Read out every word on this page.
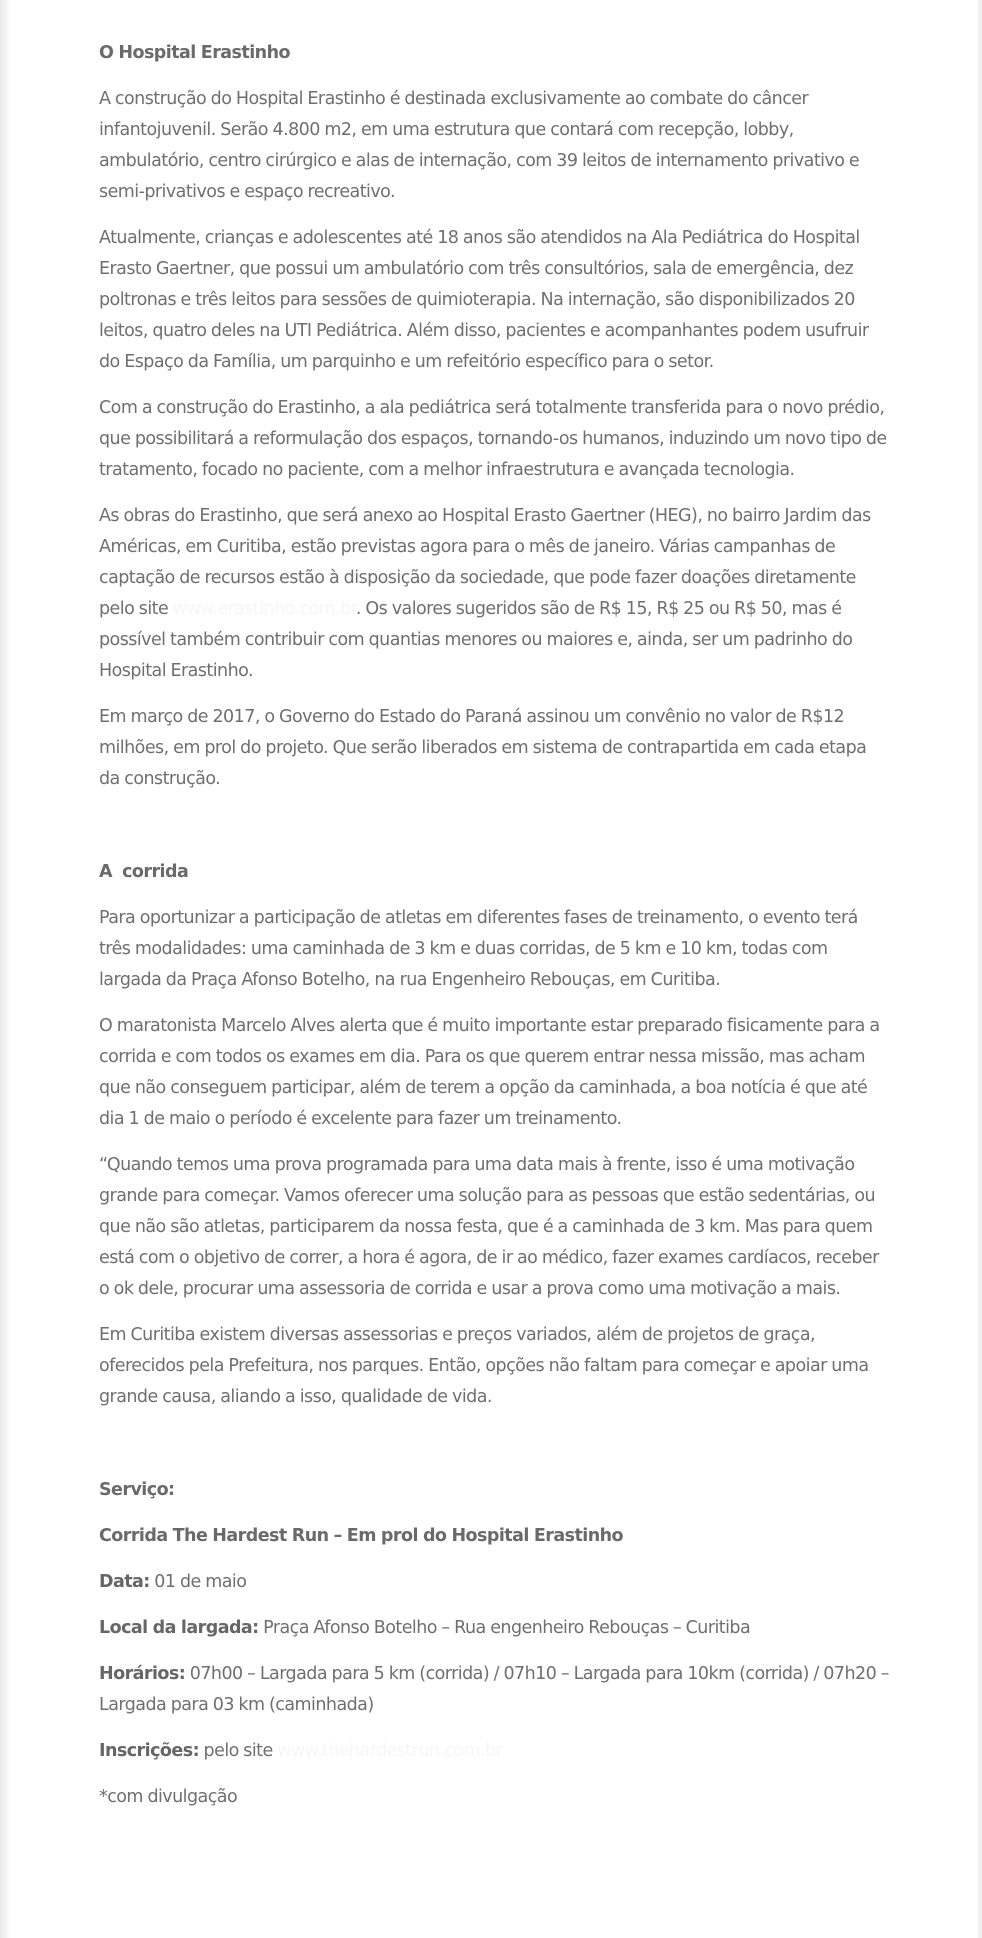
O Hospital Erastinho

A construção do Hospital Erastinho é destinada exclusivamente ao combate do câncer infantojuvenil. Serão 4.800 m2, em uma estrutura que contará com recepção, lobby, ambulatório, centro cirúrgico e alas de internação, com 39 leitos de internamento privativo e semi-privativos e espaço recreativo.

Atualmente, crianças e adolescentes até 18 anos são atendidos na Ala Pediátrica do Hospital Erasto Gaertner, que possui um ambulatório com três consultórios, sala de emergência, dez poltronas e três leitos para sessões de quimioterapia. Na internação, são disponibilizados 20 leitos, quatro deles na UTI Pediátrica. Além disso, pacientes e acompanhantes podem usufruir do Espaço da Família, um parquinho e um refeitório específico para o setor.

Com a construção do Erastinho, a ala pediátrica será totalmente transferida para o novo prédio, que possibilitará a reformulação dos espaços, tornando-os humanos, induzindo um novo tipo de tratamento, focado no paciente, com a melhor infraestrutura e avançada tecnologia.

As obras do Erastinho, que será anexo ao Hospital Erasto Gaertner (HEG), no bairro Jardim das Américas, em Curitiba, estão previstas agora para o mês de janeiro. Várias campanhas de captação de recursos estão à disposição da sociedade, que pode fazer doações diretamente pelo site www.erastinho.com.br. Os valores sugeridos são de R$ 15, R$ 25 ou R$ 50, mas é possível também contribuir com quantias menores ou maiores e, ainda, ser um padrinho do Hospital Erastinho.

Em março de 2017, o Governo do Estado do Paraná assinou um convênio no valor de R$12 milhões, em prol do projeto. Que serão liberados em sistema de contrapartida em cada etapa da construção.

A  corrida

Para oportunizar a participação de atletas em diferentes fases de treinamento, o evento terá três modalidades: uma caminhada de 3 km e duas corridas, de 5 km e 10 km, todas com largada da Praça Afonso Botelho, na rua Engenheiro Rebouças, em Curitiba.

O maratonista Marcelo Alves alerta que é muito importante estar preparado fisicamente para a corrida e com todos os exames em dia. Para os que querem entrar nessa missão, mas acham que não conseguem participar, além de terem a opção da caminhada, a boa notícia é que até dia 1 de maio o período é excelente para fazer um treinamento.

“Quando temos uma prova programada para uma data mais à frente, isso é uma motivação grande para começar. Vamos oferecer uma solução para as pessoas que estão sedentárias, ou que não são atletas, participarem da nossa festa, que é a caminhada de 3 km. Mas para quem está com o objetivo de correr, a hora é agora, de ir ao médico, fazer exames cardíacos, receber o ok dele, procurar uma assessoria de corrida e usar a prova como uma motivação a mais.

Em Curitiba existem diversas assessorias e preços variados, além de projetos de graça, oferecidos pela Prefeitura, nos parques. Então, opções não faltam para começar e apoiar uma grande causa, aliando a isso, qualidade de vida.

Serviço:

Corrida The Hardest Run – Em prol do Hospital Erastinho

Data: 01 de maio

Local da largada: Praça Afonso Botelho – Rua engenheiro Rebouças – Curitiba

Horários: 07h00 – Largada para 5 km (corrida) / 07h10 – Largada para 10km (corrida) / 07h20 – Largada para 03 km (caminhada)

Inscrições: pelo site www.thehardestrun.com.br

*com divulgação
